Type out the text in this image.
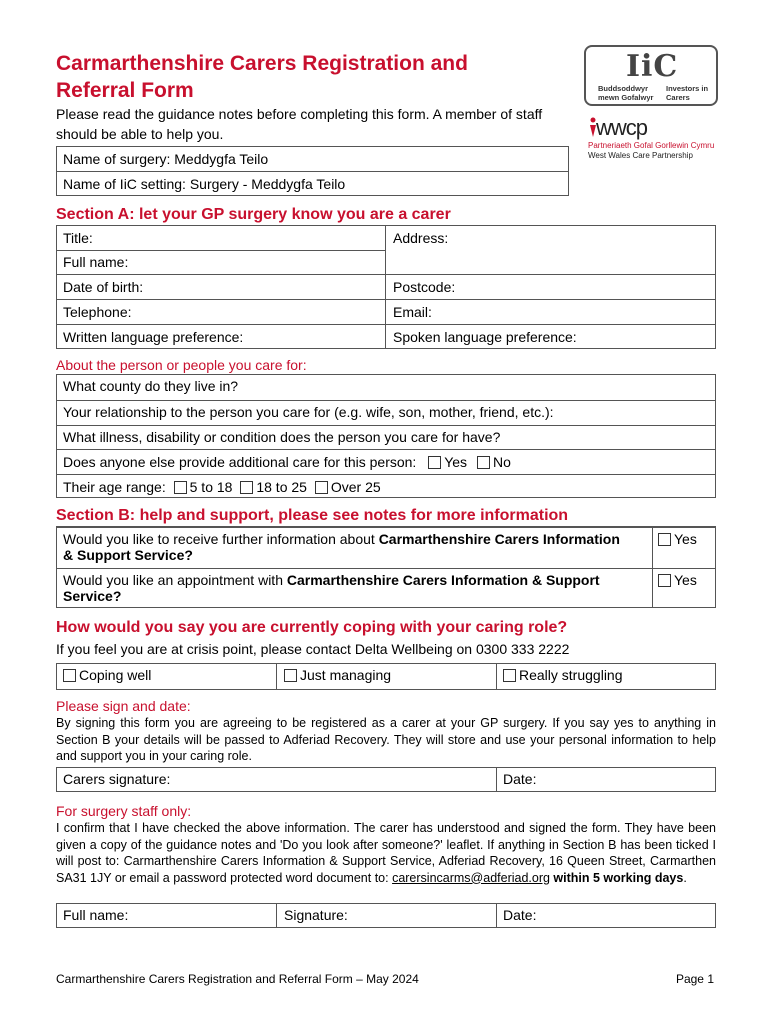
Carmarthenshire Carers Registration and
Referral Form
Please read the guidance notes before completing this form. A member of staff should be able to help you.
IiC
Buddsoddwyr mewn Gofalwyr
Investors in Carers
wwcp
Partneriaeth Gofal Gorllewin Cymru
West Wales Care Partnership
Name of surgery: Meddygfa Teilo
Name of IiC setting: Surgery - Meddygfa Teilo
Section A: let your GP surgery know you are a carer
Title:	Address:
Full name:
Date of birth:	Postcode:
Telephone:	Email:
Written language preference:	Spoken language preference:
About the person or people you care for:
What county do they live in?
Your relationship to the person you care for (e.g. wife, son, mother, friend, etc.):
What illness, disability or condition does the person you care for have?
Does anyone else provide additional care for this person: Yes No
Their age range: 5 to 18 18 to 25 Over 25
Section B: help and support, please see notes for more information
Would you like to receive further information about Carmarthenshire Carers Information & Support Service?
Yes
Would you like an appointment with Carmarthenshire Carers Information & Support Service?
Yes
How would you say you are currently coping with your caring role?
If you feel you are at crisis point, please contact Delta Wellbeing on 0300 333 2222
Coping well	Just managing	Really struggling
Please sign and date:
By signing this form you are agreeing to be registered as a carer at your GP surgery. If you say yes to anything in Section B your details will be passed to Adferiad Recovery. They will store and use your personal information to help and support you in your caring role.
Carers signature:	Date:
For surgery staff only:
I confirm that I have checked the above information. The carer has understood and signed the form. They have been given a copy of the guidance notes and 'Do you look after someone?' leaflet. If anything in Section B has been ticked I will post to: Carmarthenshire Carers Information & Support Service, Adferiad Recovery, 16 Queen Street, Carmarthen SA31 1JY or email a password protected word document to: carersincarms@adferiad.org within 5 working days.
Full name:	Signature:	Date:
Carmarthenshire Carers Registration and Referral Form – May 2024	Page 1
